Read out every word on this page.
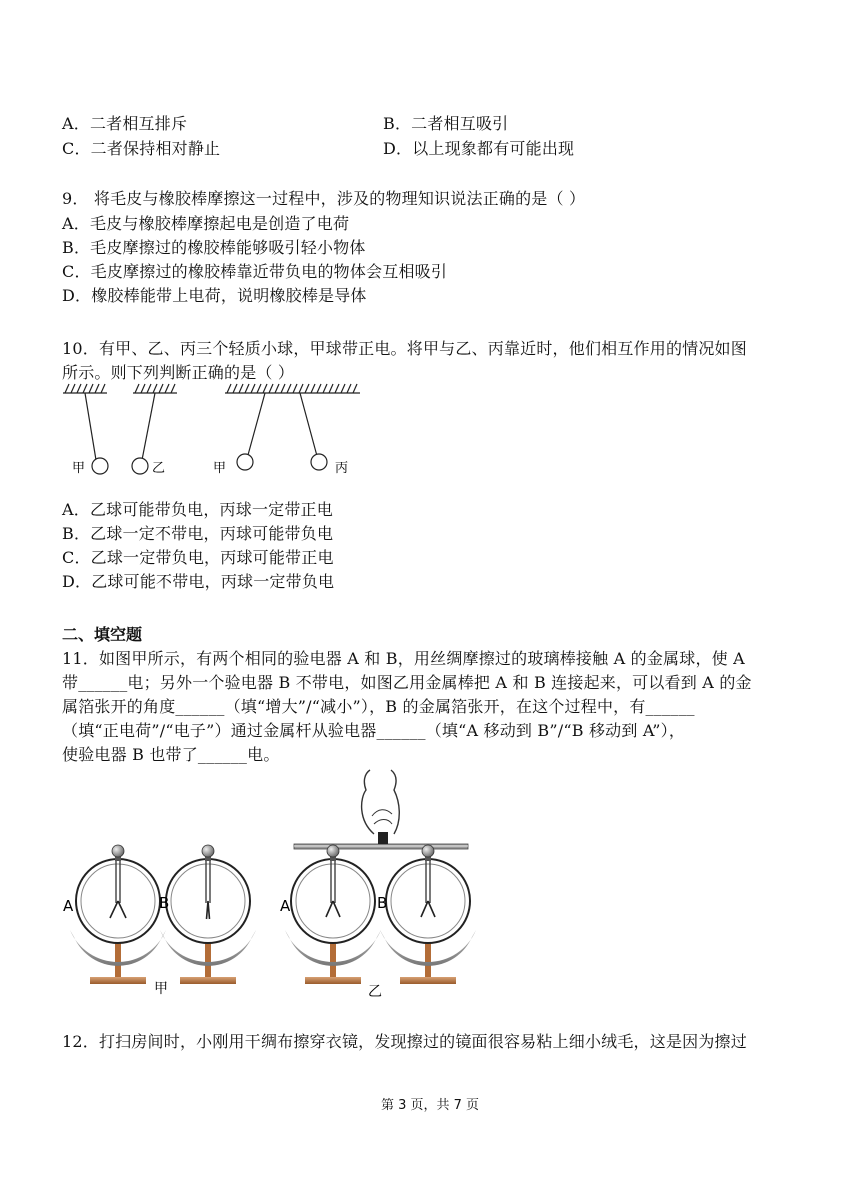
A．二者相互排斥	B．二者相互吸引
C．二者保持相对静止	D．以上现象都有可能出现
9． 将毛皮与橡胶棒摩擦这一过程中，涉及的物理知识说法正确的是（ ）
A．毛皮与橡胶棒摩擦起电是创造了电荷
B．毛皮摩擦过的橡胶棒能够吸引轻小物体
C．毛皮摩擦过的橡胶棒靠近带负电的物体会互相吸引
D．橡胶棒能带上电荷，说明橡胶棒是导体
10．有甲、乙、丙三个轻质小球，甲球带正电。将甲与乙、丙靠近时，他们相互作用的情况如图
所示。则下列判断正确的是（ ）
甲	乙	甲	丙
A．乙球可能带负电，丙球一定带正电
B．乙球一定不带电，丙球可能带负电
C．乙球一定带负电，丙球可能带正电
D．乙球可能不带电，丙球一定带负电
二、填空题
11．如图甲所示，有两个相同的验电器 A 和 B，用丝绸摩擦过的玻璃棒接触 A 的金属球，使 A
带______电；另外一个验电器 B 不带电，如图乙用金属棒把 A 和 B 连接起来，可以看到 A 的金
属箔张开的角度______（填“增大”/“减小”），B 的金属箔张开，在这个过程中，有______
（填“正电荷”/“电子”）通过金属杆从验电器______（填“A 移动到 B”/“B 移动到 A”），
使验电器 B 也带了______电。
A	B
甲
A	B
乙
12．打扫房间时，小刚用干绸布擦穿衣镜，发现擦过的镜面很容易粘上细小绒毛，这是因为擦过
第 3 页，共 7 页
